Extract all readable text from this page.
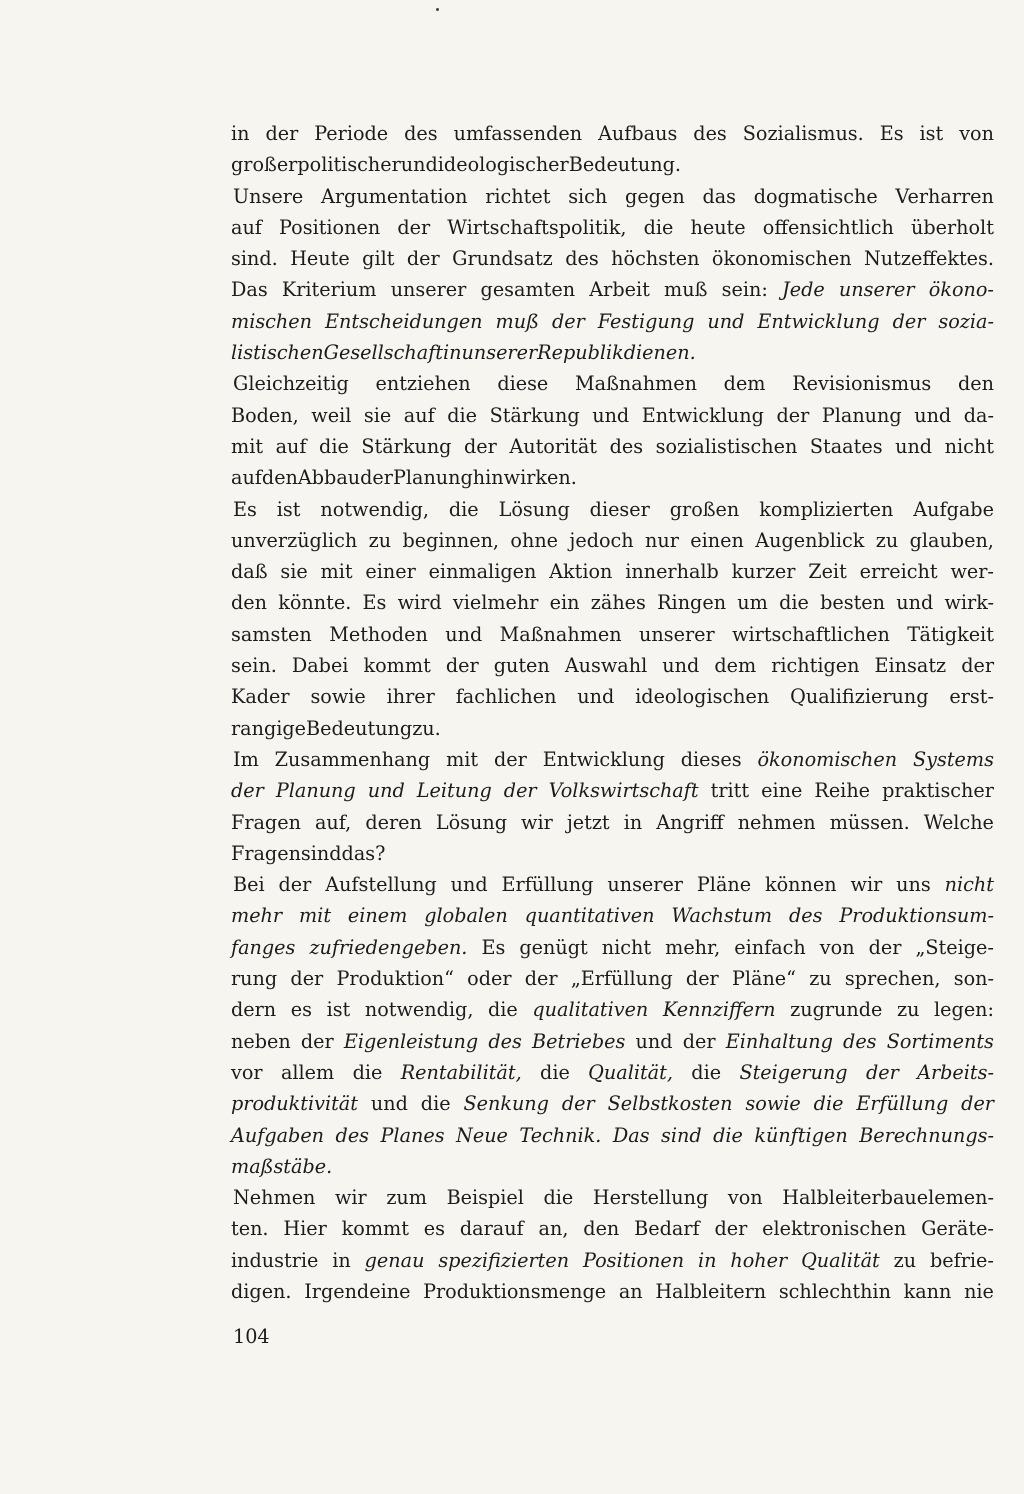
in der Periode des umfassenden Aufbaus des Sozialismus. Es ist von
großer politischer und ideologischer Bedeutung.
Unsere Argumentation richtet sich gegen das dogmatische Verharren
auf Positionen der Wirtschaftspolitik, die heute offensichtlich überholt
sind. Heute gilt der Grundsatz des höchsten ökonomischen Nutzeffektes.
Das Kriterium unserer gesamten Arbeit muß sein: Jede unserer ökono-
mischen Entscheidungen muß der Festigung und Entwicklung der sozia-
listischen Gesellschaft in unserer Republik dienen.
Gleichzeitig entziehen diese Maßnahmen dem Revisionismus den
Boden, weil sie auf die Stärkung und Entwicklung der Planung und da-
mit auf die Stärkung der Autorität des sozialistischen Staates und nicht
auf den Abbau der Planung hinwirken.
Es ist notwendig, die Lösung dieser großen komplizierten Aufgabe
unverzüglich zu beginnen, ohne jedoch nur einen Augenblick zu glauben,
daß sie mit einer einmaligen Aktion innerhalb kurzer Zeit erreicht wer-
den könnte. Es wird vielmehr ein zähes Ringen um die besten und wirk-
samsten Methoden und Maßnahmen unserer wirtschaftlichen Tätigkeit
sein. Dabei kommt der guten Auswahl und dem richtigen Einsatz der
Kader sowie ihrer fachlichen und ideologischen Qualifizierung erst-
rangige Bedeutung zu.
Im Zusammenhang mit der Entwicklung dieses ökonomischen Systems
der Planung und Leitung der Volkswirtschaft tritt eine Reihe praktischer
Fragen auf, deren Lösung wir jetzt in Angriff nehmen müssen. Welche
Fragen sind das?
Bei der Aufstellung und Erfüllung unserer Pläne können wir uns nicht
mehr mit einem globalen quantitativen Wachstum des Produktionsum-
fanges zufriedengeben. Es genügt nicht mehr, einfach von der „Steige-
rung der Produktion“ oder der „Erfüllung der Pläne“ zu sprechen, son-
dern es ist notwendig, die qualitativen Kennziffern zugrunde zu legen:
neben der Eigenleistung des Betriebes und der Einhaltung des Sortiments
vor allem die Rentabilität, die Qualität, die Steigerung der Arbeits-
produktivität und die Senkung der Selbstkosten sowie die Erfüllung der
Aufgaben des Planes Neue Technik. Das sind die künftigen Berechnungs-
maßstäbe.
Nehmen wir zum Beispiel die Herstellung von Halbleiterbauelemen-
ten. Hier kommt es darauf an, den Bedarf der elektronischen Geräte-
industrie in genau spezifizierten Positionen in hoher Qualität zu befrie-
digen. Irgendeine Produktionsmenge an Halbleitern schlechthin kann nie
104
